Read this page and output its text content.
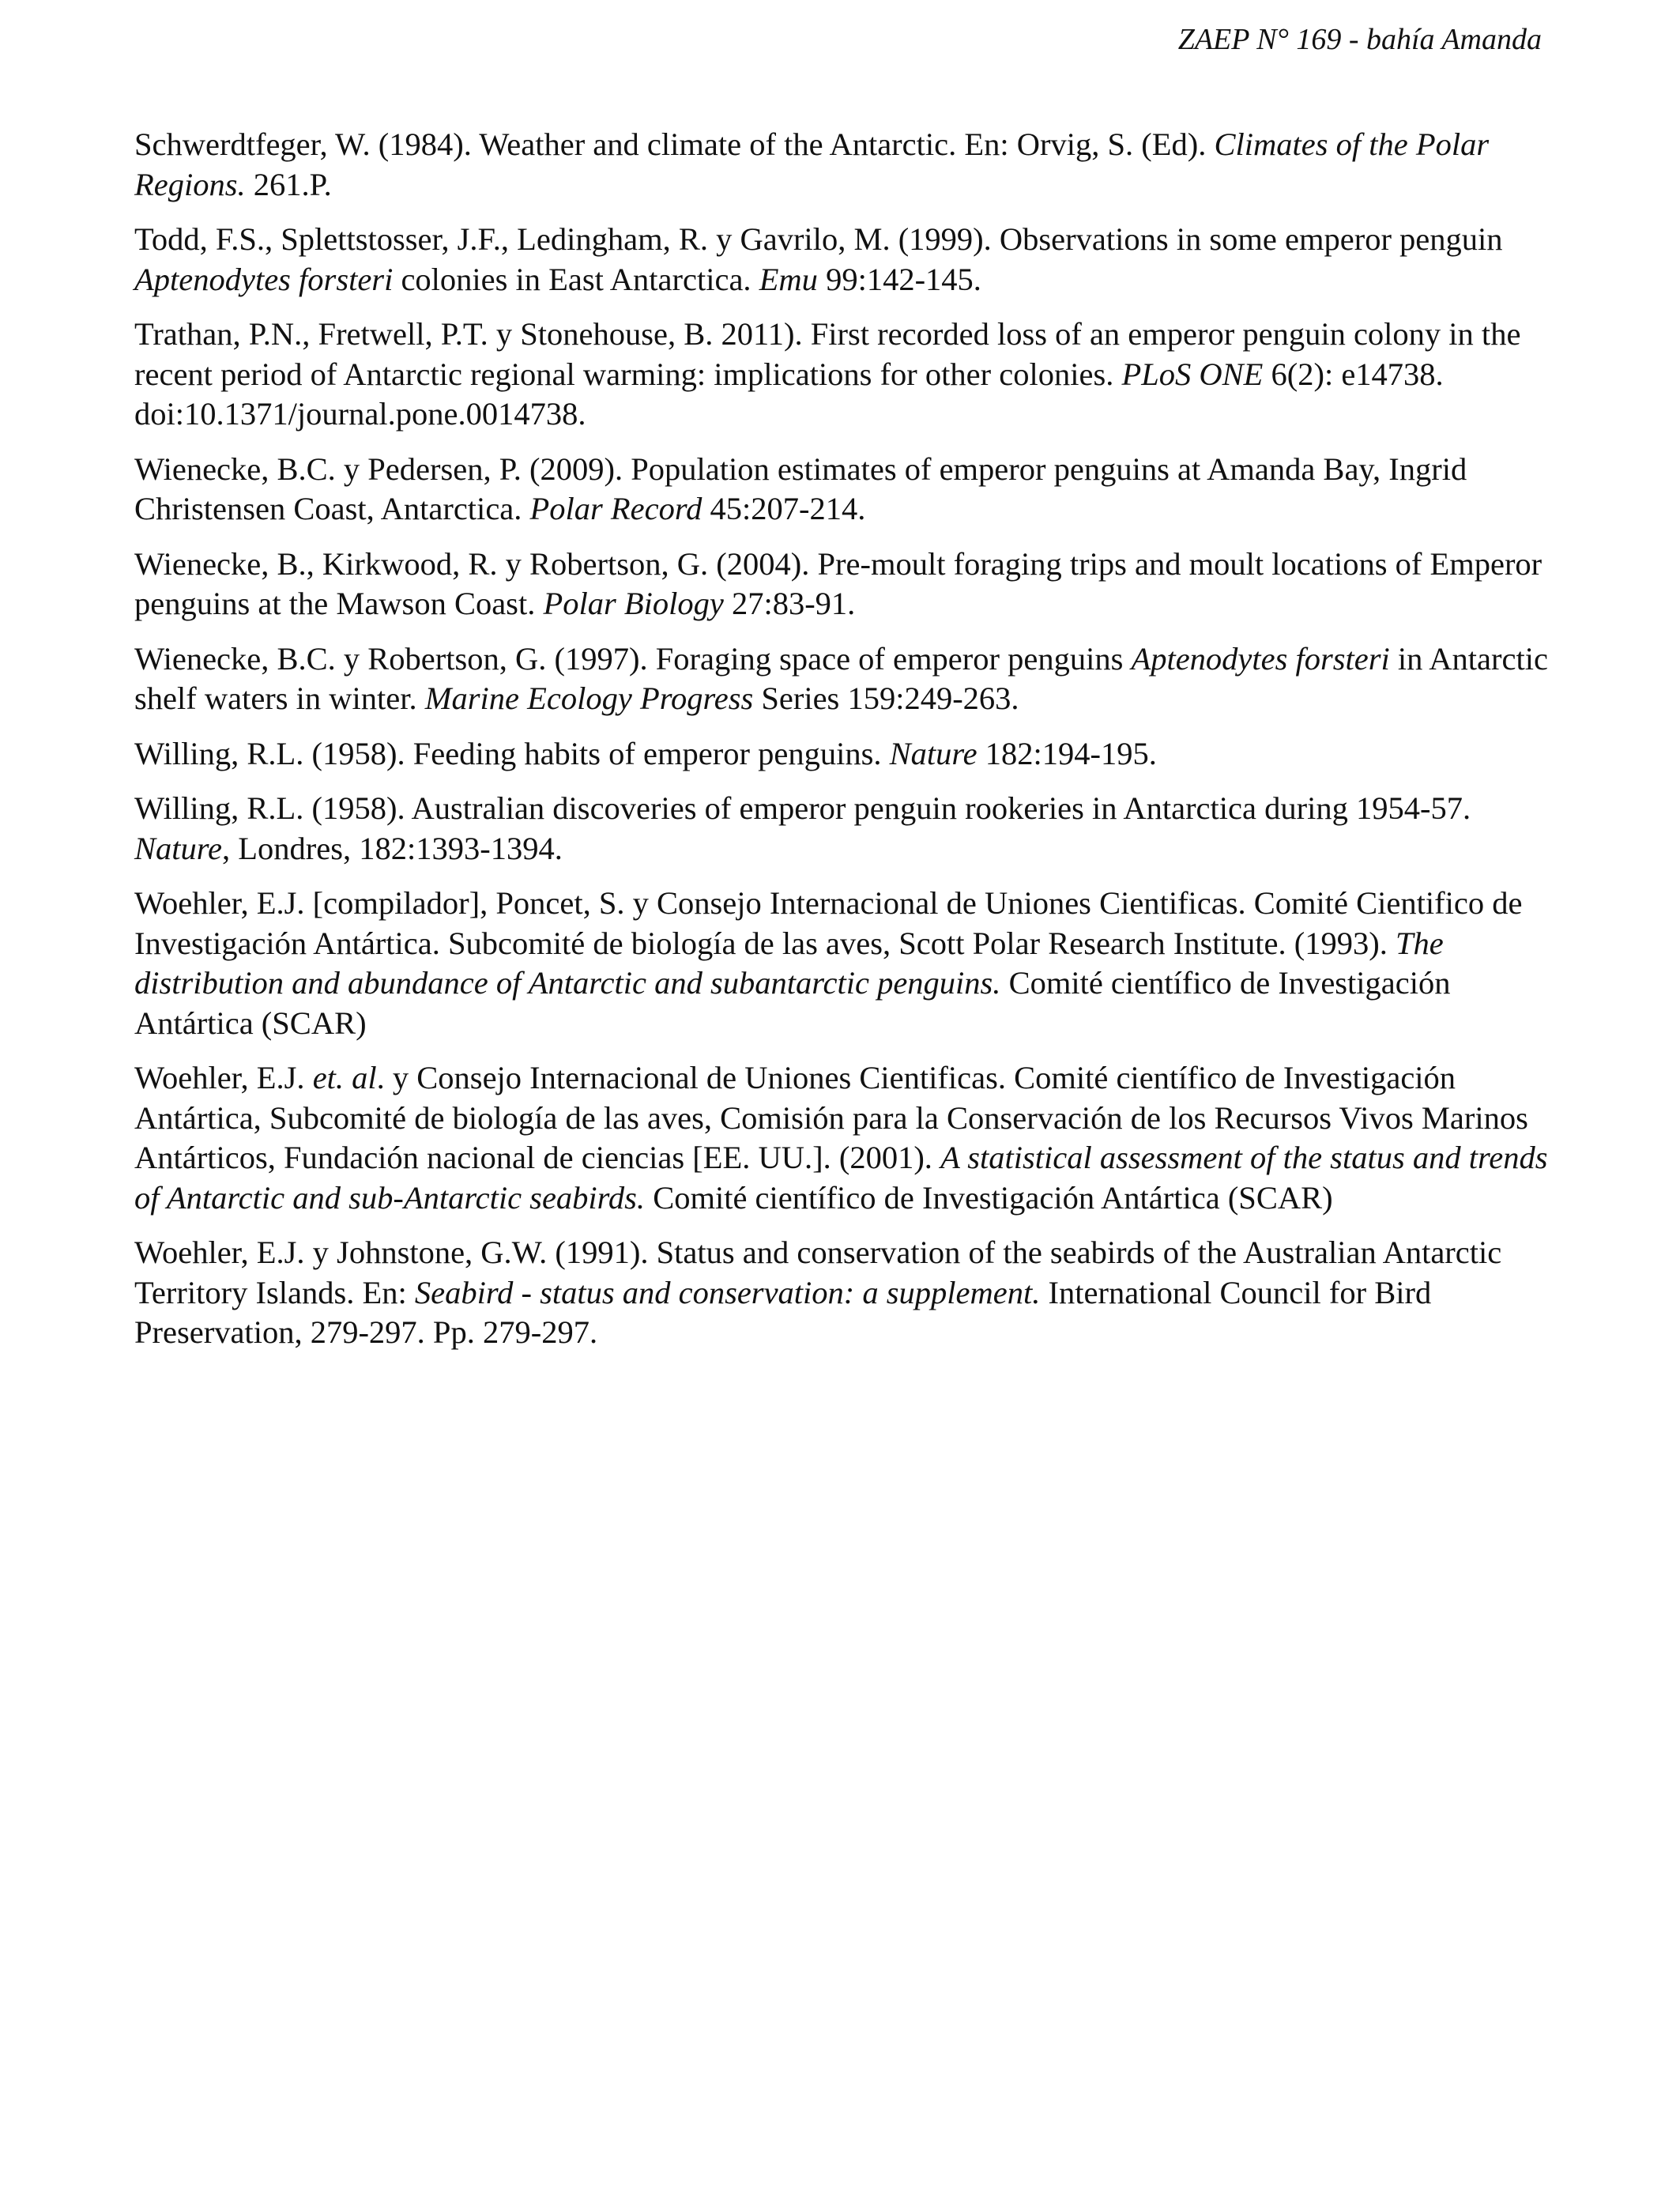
ZAEP N° 169 - bahía Amanda

Schwerdtfeger, W. (1984). Weather and climate of the Antarctic. En: Orvig, S. (Ed). Climates of the Polar Regions. 261.P.

Todd, F.S., Splettstosser, J.F., Ledingham, R. y Gavrilo, M. (1999). Observations in some emperor penguin Aptenodytes forsteri colonies in East Antarctica. Emu 99:142-145.

Trathan, P.N., Fretwell, P.T. y Stonehouse, B. 2011). First recorded loss of an emperor penguin colony in the recent period of Antarctic regional warming: implications for other colonies. PLoS ONE 6(2): e14738. doi:10.1371/journal.pone.0014738.

Wienecke, B.C. y Pedersen, P. (2009). Population estimates of emperor penguins at Amanda Bay, Ingrid Christensen Coast, Antarctica. Polar Record 45:207-214.

Wienecke, B., Kirkwood, R. y Robertson, G. (2004). Pre-moult foraging trips and moult locations of Emperor penguins at the Mawson Coast. Polar Biology 27:83-91.

Wienecke, B.C. y Robertson, G. (1997). Foraging space of emperor penguins Aptenodytes forsteri in Antarctic shelf waters in winter. Marine Ecology Progress Series 159:249-263.

Willing, R.L. (1958). Feeding habits of emperor penguins. Nature 182:194-195.

Willing, R.L. (1958). Australian discoveries of emperor penguin rookeries in Antarctica during 1954-57. Nature, Londres, 182:1393-1394.

Woehler, E.J. [compilador], Poncet, S. y Consejo Internacional de Uniones Cientificas. Comité Cientifico de Investigación Antártica. Subcomité de biología de las aves, Scott Polar Research Institute. (1993). The distribution and abundance of Antarctic and subantarctic penguins. Comité científico de Investigación Antártica (SCAR)

Woehler, E.J. et. al. y Consejo Internacional de Uniones Cientificas. Comité científico de Investigación Antártica, Subcomité de biología de las aves, Comisión para la Conservación de los Recursos Vivos Marinos Antárticos, Fundación nacional de ciencias [EE. UU.]. (2001). A statistical assessment of the status and trends of Antarctic and sub-Antarctic seabirds. Comité científico de Investigación Antártica (SCAR)

Woehler, E.J. y Johnstone, G.W. (1991). Status and conservation of the seabirds of the Australian Antarctic Territory Islands. En: Seabird - status and conservation: a supplement. International Council for Bird Preservation, 279-297. Pp. 279-297.
